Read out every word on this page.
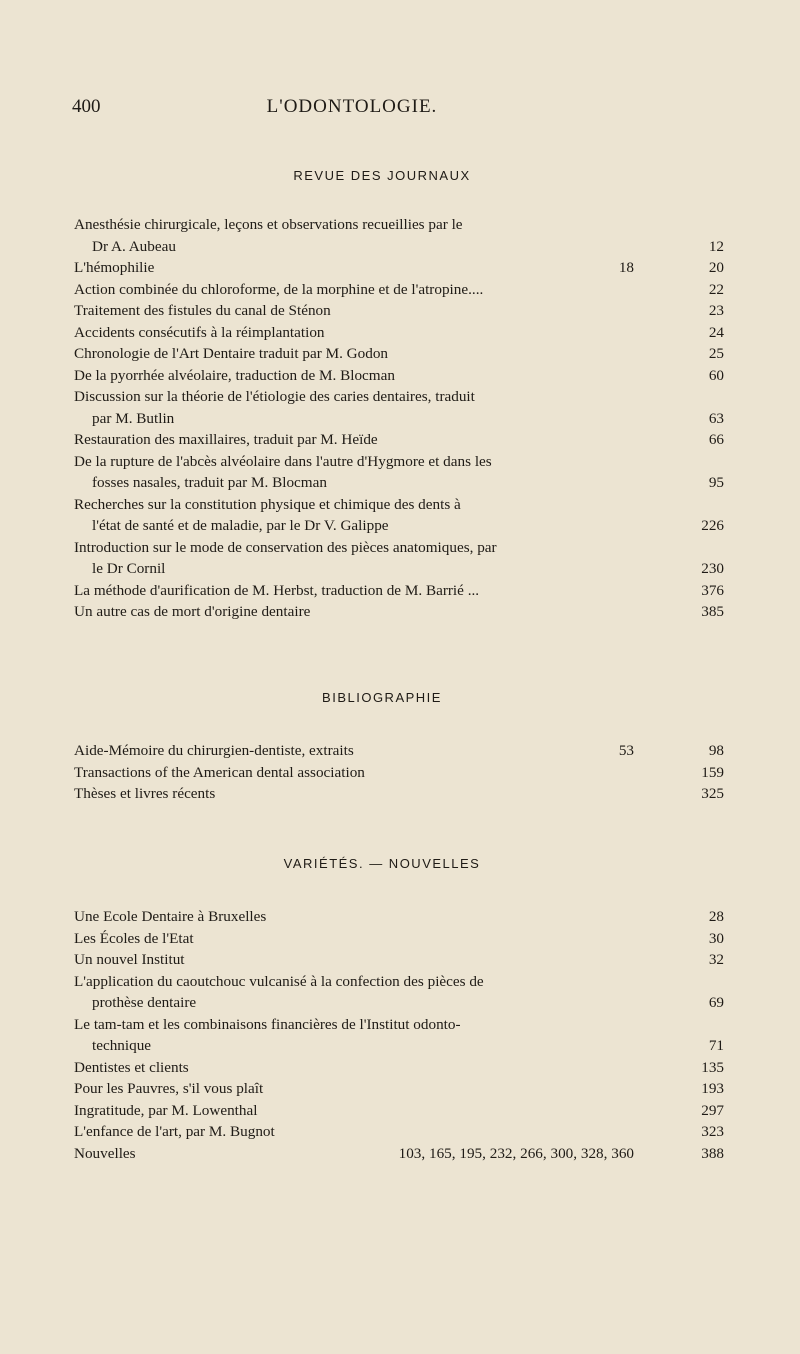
400	L'ODONTOLOGIE.
REVUE DES JOURNAUX
Anesthésie chirurgicale, leçons et observations recueillies par le
Dr A. Aubeau	12
L'hémophilie	18	20
Action combinée du chloroforme, de la morphine et de l'atropine....	22
Traitement des fistules du canal de Sténon	23
Accidents consécutifs à la réimplantation	24
Chronologie de l'Art Dentaire traduit par M. Godon	25
De la pyorrhée alvéolaire, traduction de M. Blocman	60
Discussion sur la théorie de l'étiologie des caries dentaires, traduit
par M. Butlin	63
Restauration des maxillaires, traduit par M. Heïde	66
De la rupture de l'abcès alvéolaire dans l'autre d'Hygmore et dans les
fosses nasales, traduit par M. Blocman	95
Recherches sur la constitution physique et chimique des dents à
l'état de santé et de maladie, par le Dr V. Galippe	226
Introduction sur le mode de conservation des pièces anatomiques, par
le Dr Cornil	230
La méthode d'aurification de M. Herbst, traduction de M. Barrié ...	376
Un autre cas de mort d'origine dentaire	385
BIBLIOGRAPHIE
Aide-Mémoire du chirurgien-dentiste, extraits	53	98
Transactions of the American dental association	159
Thèses et livres récents	325
VARIÉTÉS. — NOUVELLES
Une Ecole Dentaire à Bruxelles	28
Les Écoles de l'Etat	30
Un nouvel Institut	32
L'application du caoutchouc vulcanisé à la confection des pièces de
prothèse dentaire	69
Le tam-tam et les combinaisons financières de l'Institut odonto-
technique	71
Dentistes et clients	135
Pour les Pauvres, s'il vous plaît	193
Ingratitude, par M. Lowenthal	297
L'enfance de l'art, par M. Bugnot	323
Nouvelles	103, 165, 195, 232, 266, 300, 328, 360	388
